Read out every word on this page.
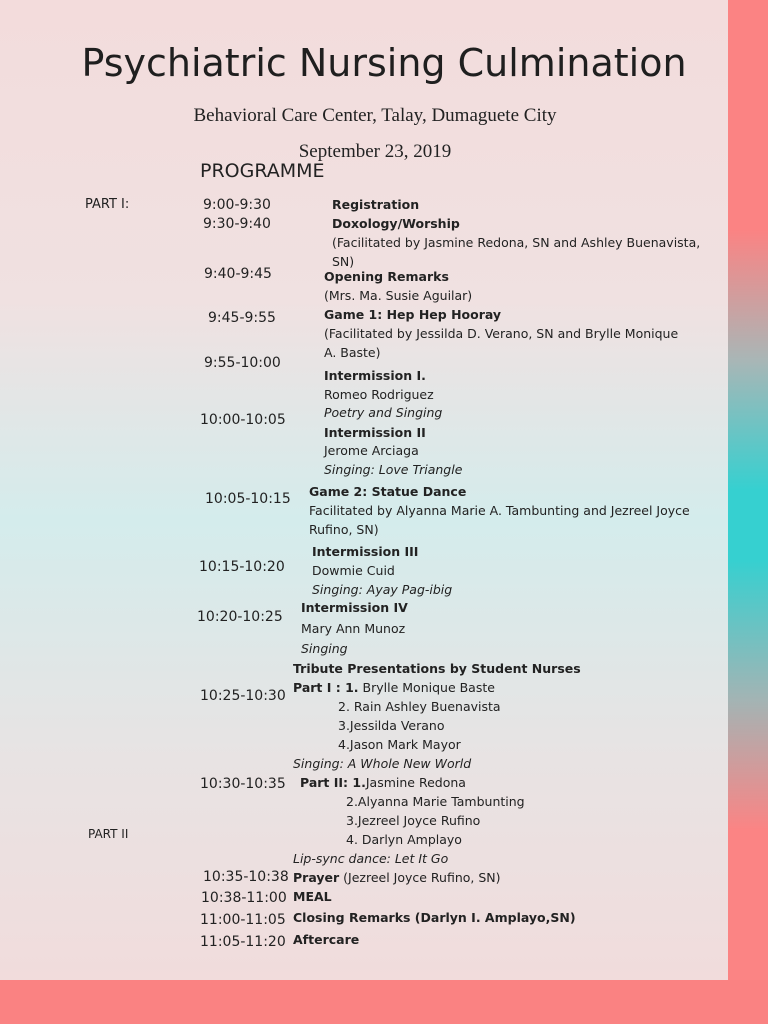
Psychiatric Nursing Culmination
Behavioral Care Center, Talay, Dumaguete City
September 23, 2019
PROGRAMME
PART I:
PART II
9:00-9:30
9:30-9:40
9:40-9:45
9:45-9:55
9:55-10:00
10:00-10:05
10:05-10:15
10:15-10:20
10:20-10:25
10:25-10:30
10:30-10:35
10:35-10:38
10:38-11:00
11:00-11:05
11:05-11:20
Registration
Doxology/Worship
(Facilitated by Jasmine Redona, SN and Ashley Buenavista,
SN)
Opening Remarks
(Mrs. Ma. Susie Aguilar)
Game 1: Hep Hep Hooray
(Facilitated by Jessilda D. Verano, SN and Brylle Monique
A. Baste)
Intermission I.
Romeo Rodriguez
Poetry and Singing
Intermission II
Jerome Arciaga
Singing: Love Triangle
Game 2: Statue Dance
Facilitated by Alyanna Marie A. Tambunting and Jezreel Joyce
Rufino, SN)
Intermission III
Dowmie Cuid
Singing: Ayay Pag-ibig
Intermission IV
Mary Ann Munoz
Singing
Tribute Presentations by Student Nurses
Part I : 1. Brylle Monique Baste
2. Rain Ashley Buenavista
3.Jessilda Verano
4.Jason Mark Mayor
Singing: A Whole New World
Part II: 1.Jasmine Redona
2.Alyanna Marie Tambunting
3.Jezreel Joyce Rufino
4. Darlyn Amplayo
Lip-sync dance: Let It Go
Prayer (Jezreel Joyce Rufino, SN)
MEAL
Closing Remarks (Darlyn I. Amplayo,SN)
Aftercare
